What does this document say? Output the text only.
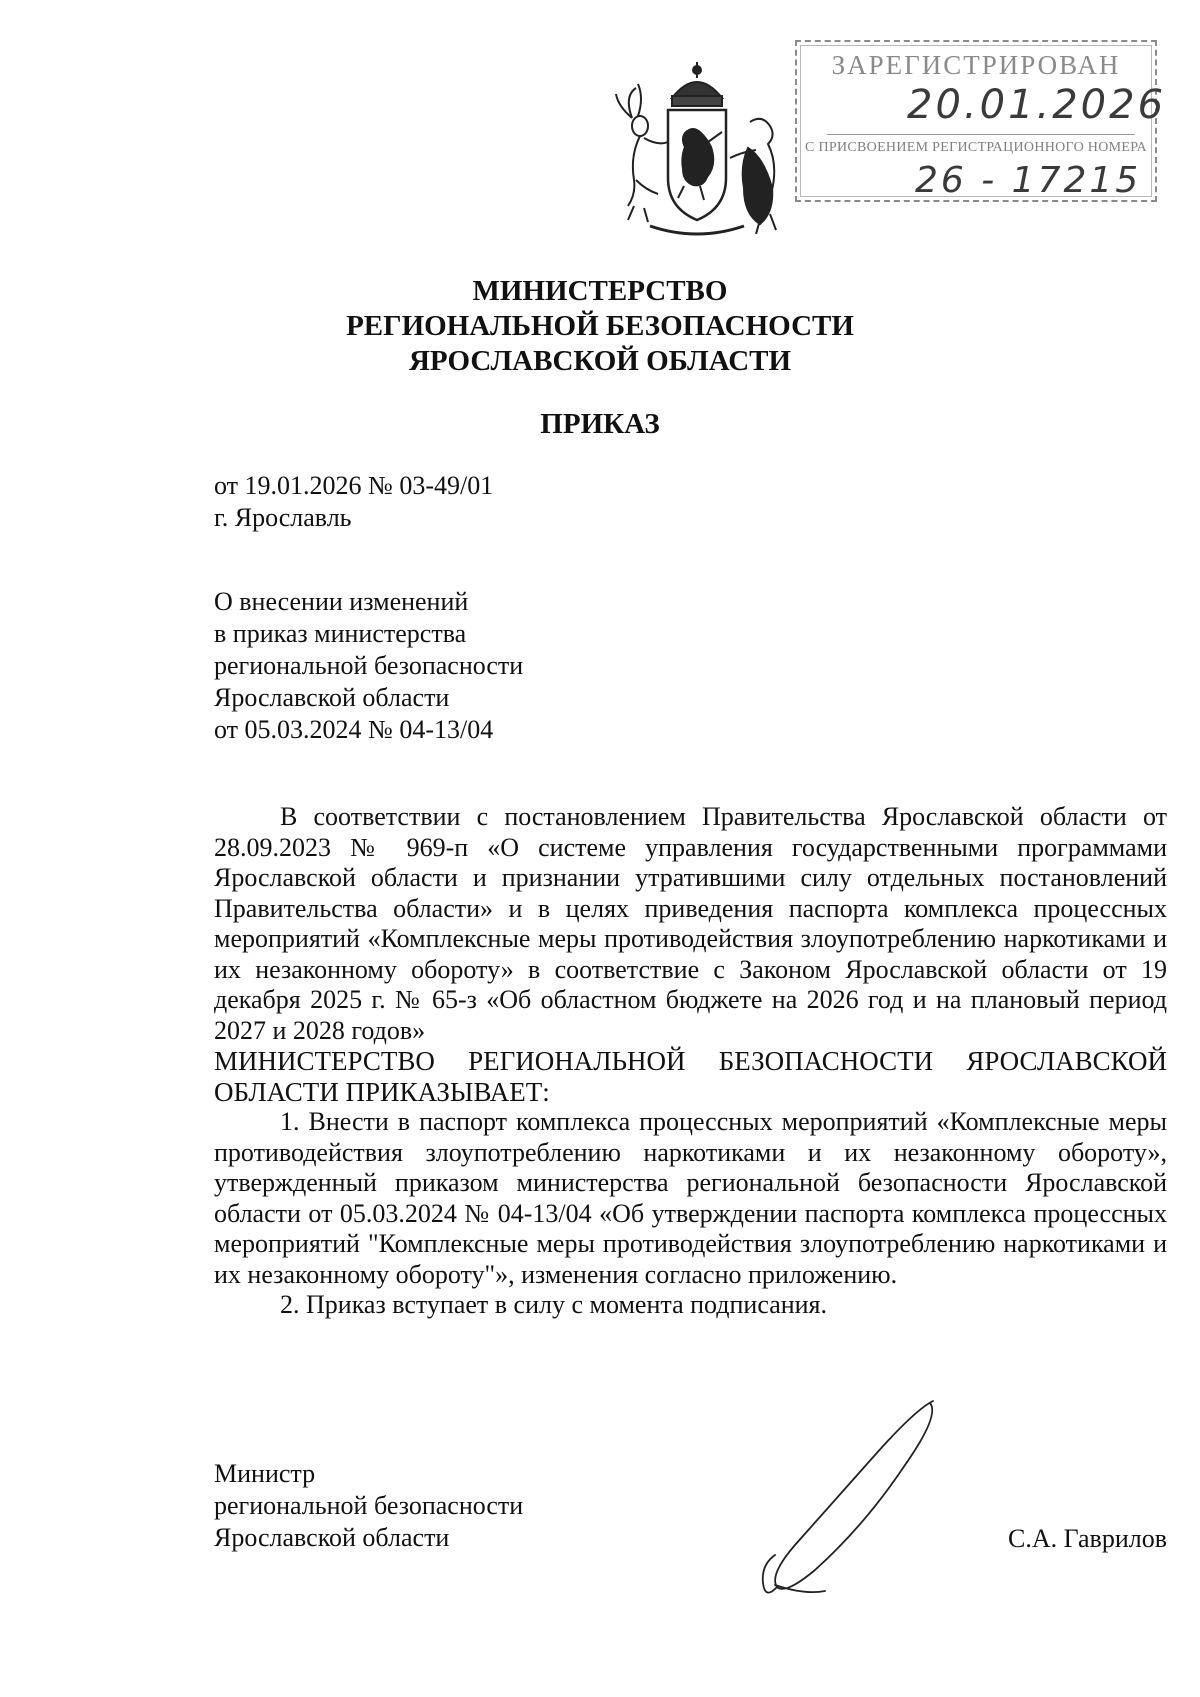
ЗАРЕГИСТРИРОВАН
20.01.2026
С ПРИСВОЕНИЕМ РЕГИСТРАЦИОННОГО НОМЕРА
26 - 17215
МИНИСТЕРСТВО
РЕГИОНАЛЬНОЙ БЕЗОПАСНОСТИ
ЯРОСЛАВСКОЙ ОБЛАСТИ
ПРИКАЗ
от 19.01.2026 № 03-49/01
г. Ярославль
О внесении изменений
в приказ министерства
региональной безопасности
Ярославской области
от 05.03.2024 № 04-13/04

В соответствии с постановлением Правительства Ярославской области от 28.09.2023 № 969-п «О системе управления государственными программами Ярославской области и признании утратившими силу отдельных постановлений Правительства области» и в целях приведения паспорта комплекса процессных мероприятий «Комплексные меры противодействия злоупотреблению наркотиками и их незаконному обороту» в соответствие с Законом Ярославской области от 19 декабря 2025 г. № 65-з «Об областном бюджете на 2026 год и на плановый период 2027 и 2028 годов»

МИНИСТЕРСТВО РЕГИОНАЛЬНОЙ БЕЗОПАСНОСТИ ЯРОСЛАВСКОЙ ОБЛАСТИ ПРИКАЗЫВАЕТ:

1. Внести в паспорт комплекса процессных мероприятий «Комплексные меры противодействия злоупотреблению наркотиками и их незаконному обороту», утвержденный приказом министерства региональной безопасности Ярославской области от 05.03.2024 № 04-13/04 «Об утверждении паспорта комплекса процессных мероприятий "Комплексные меры противодействия злоупотреблению наркотиками и их незаконному обороту"», изменения согласно приложению.

2. Приказ вступает в силу с момента подписания.

Министр
региональной безопасности
Ярославской области	С.А. Гаврилов
